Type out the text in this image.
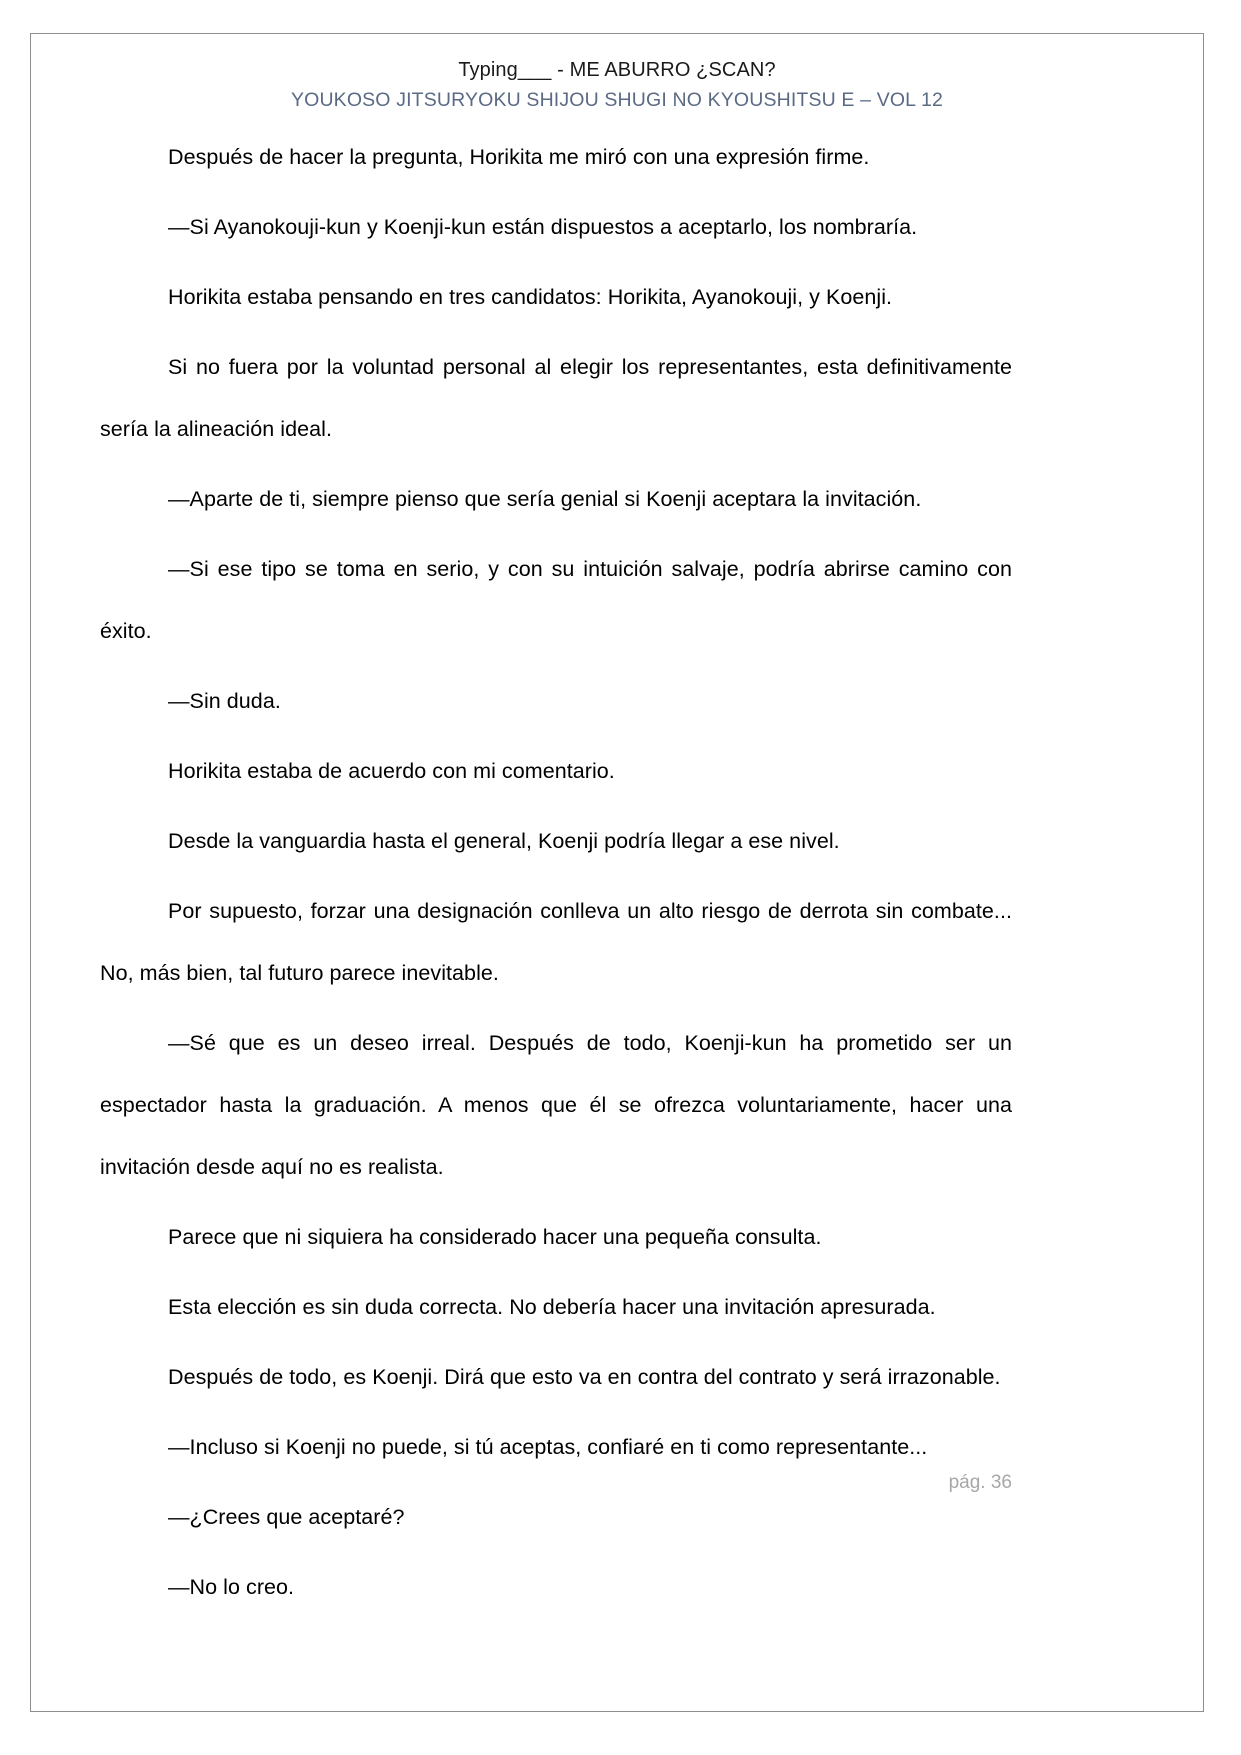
Typing___ - ME ABURRO ¿SCAN?
YOUKOSO JITSURYOKU SHIJOU SHUGI NO KYOUSHITSU E – VOL 12

Después de hacer la pregunta, Horikita me miró con una expresión firme.

—Si Ayanokouji-kun y Koenji-kun están dispuestos a aceptarlo, los nombraría.

Horikita estaba pensando en tres candidatos: Horikita, Ayanokouji, y Koenji.

Si no fuera por la voluntad personal al elegir los representantes, esta definitivamente sería la alineación ideal.

—Aparte de ti, siempre pienso que sería genial si Koenji aceptara la invitación.

—Si ese tipo se toma en serio, y con su intuición salvaje, podría abrirse camino con éxito.

—Sin duda.

Horikita estaba de acuerdo con mi comentario.

Desde la vanguardia hasta el general, Koenji podría llegar a ese nivel.

Por supuesto, forzar una designación conlleva un alto riesgo de derrota sin combate... No, más bien, tal futuro parece inevitable.

—Sé que es un deseo irreal. Después de todo, Koenji-kun ha prometido ser un espectador hasta la graduación. A menos que él se ofrezca voluntariamente, hacer una invitación desde aquí no es realista.

Parece que ni siquiera ha considerado hacer una pequeña consulta.

Esta elección es sin duda correcta. No debería hacer una invitación apresurada.

Después de todo, es Koenji. Dirá que esto va en contra del contrato y será irrazonable.

—Incluso si Koenji no puede, si tú aceptas, confiaré en ti como representante...

—¿Crees que aceptaré?

—No lo creo.

pág. 36
